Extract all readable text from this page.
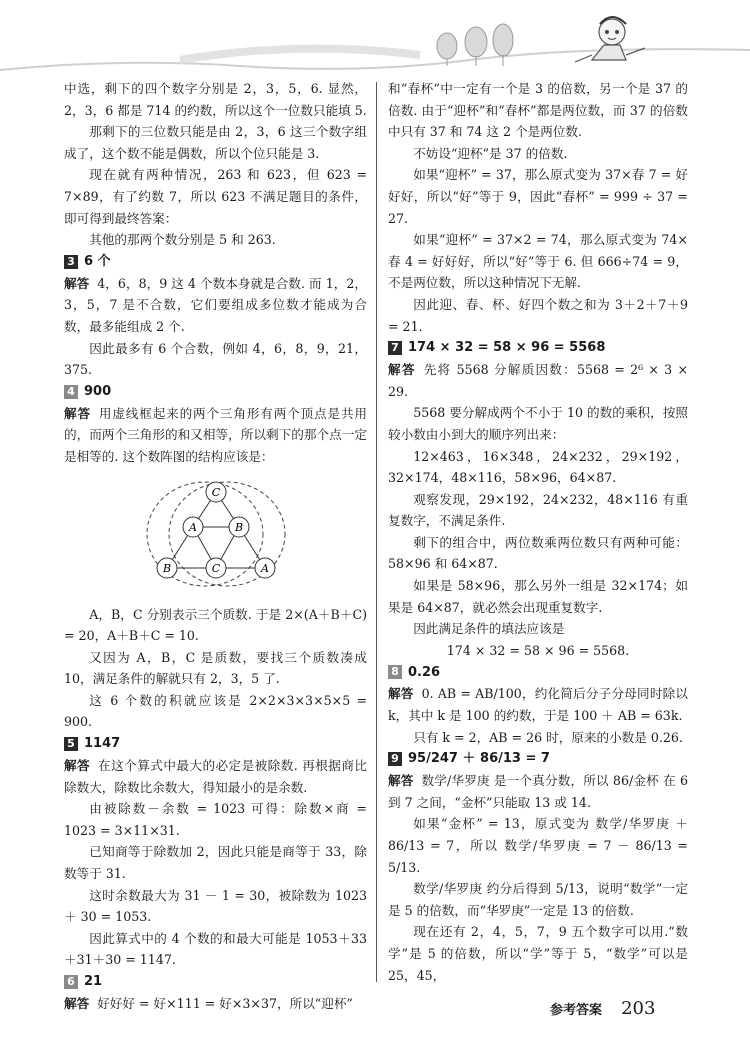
中选，剩下的四个数字分别是 2，3，5，6. 显然，2，3，6 都是 714 的约数，所以这个一位数只能填 5.

那剩下的三位数只能是由 2，3，6 这三个数字组成了，这个数不能是偶数，所以个位只能是 3.

现在就有两种情况，263 和 623，但 623 = 7×89，有了约数 7，所以 623 不满足题目的条件，即可得到最终答案：

其他的那两个数分别是 5 和 263.

3 6 个

解答 4，6，8，9 这 4 个数本身就是合数. 而 1，2，3，5，7 是不合数，它们要组成多位数才能成为合数，最多能组成 2 个.

因此最多有 6 个合数，例如 4，6，8，9，21，375.

4 900

解答 用虚线框起来的两个三角形有两个顶点是共用的，而两个三角形的和又相等，所以剩下的那个点一定是相等的. 这个数阵图的结构应该是：

C
A	B
B	C	A

A，B，C 分别表示三个质数. 于是 2×(A＋B＋C) = 20，A＋B＋C = 10.

又因为 A，B，C 是质数，要找三个质数凑成 10，满足条件的解就只有 2，3，5 了.

这 6 个数的积就应该是 2×2×3×3×5×5 = 900.

5 1147

解答 在这个算式中最大的必定是被除数. 再根据商比除数大，除数比余数大，得知最小的是余数.

由被除数－余数 = 1023 可得：除数×商 = 1023 = 3×11×31.

已知商等于除数加 2，因此只能是商等于 33，除数等于 31.

这时余数最大为 31 － 1 = 30，被除数为 1023 ＋ 30 = 1053.

因此算式中的 4 个数的和最大可能是 1053＋33＋31＋30 = 1147.

6 21

解答 好好好 = 好×111 = 好×3×37，所以“迎杯”

和“春杯”中一定有一个是 3 的倍数，另一个是 37 的倍数. 由于“迎杯”和“春杯”都是两位数，而 37 的倍数中只有 37 和 74 这 2 个是两位数.

不妨设“迎杯”是 37 的倍数.

如果“迎杯” = 37，那么原式变为 37×春 7 = 好好好，所以“好”等于 9，因此“春杯” = 999 ÷ 37 = 27.

如果“迎杯” = 37×2 = 74，那么原式变为 74×春 4 = 好好好，所以“好”等于 6. 但 666÷74 = 9，不是两位数，所以这种情况下无解.

因此迎、春、杯、好四个数之和为 3＋2＋7＋9 = 21.

7 174 × 32 = 58 × 96 = 5568

解答 先将 5568 分解质因数：5568 = 2⁶ × 3 × 29.

5568 要分解成两个不小于 10 的数的乘积，按照较小数由小到大的顺序列出来：

12×463，16×348，24×232，29×192，32×174，48×116，58×96，64×87.

观察发现，29×192，24×232，48×116 有重复数字，不满足条件.

剩下的组合中，两位数乘两位数只有两种可能：58×96 和 64×87.

如果是 58×96，那么另外一组是 32×174；如果是 64×87，就必然会出现重复数字.

因此满足条件的填法应该是

174 × 32 = 58 × 96 = 5568.

8 0.26

解答 0. AB = AB/100，约化简后分子分母同时除以 k，其中 k 是 100 的约数，于是 100 ＋ AB = 63k.

只有 k = 2，AB = 26 时，原来的小数是 0.26.

9 95/247 ＋ 86/13 = 7

解答 数学/华罗庚 是一个真分数，所以 86/金杯 在 6 到 7 之间，“金杯”只能取 13 或 14.

如果“金杯” = 13，原式变为 数学/华罗庚 ＋ 86/13 = 7，所以 数学/华罗庚 = 7 － 86/13 = 5/13.

数学/华罗庚 约分后得到 5/13，说明“数学”一定是 5 的倍数，而“华罗庚”一定是 13 的倍数.

现在还有 2，4，5，7，9 五个数字可以用.“数学”是 5 的倍数，所以“学”等于 5，“数学”可以是 25，45，

参考答案 203
